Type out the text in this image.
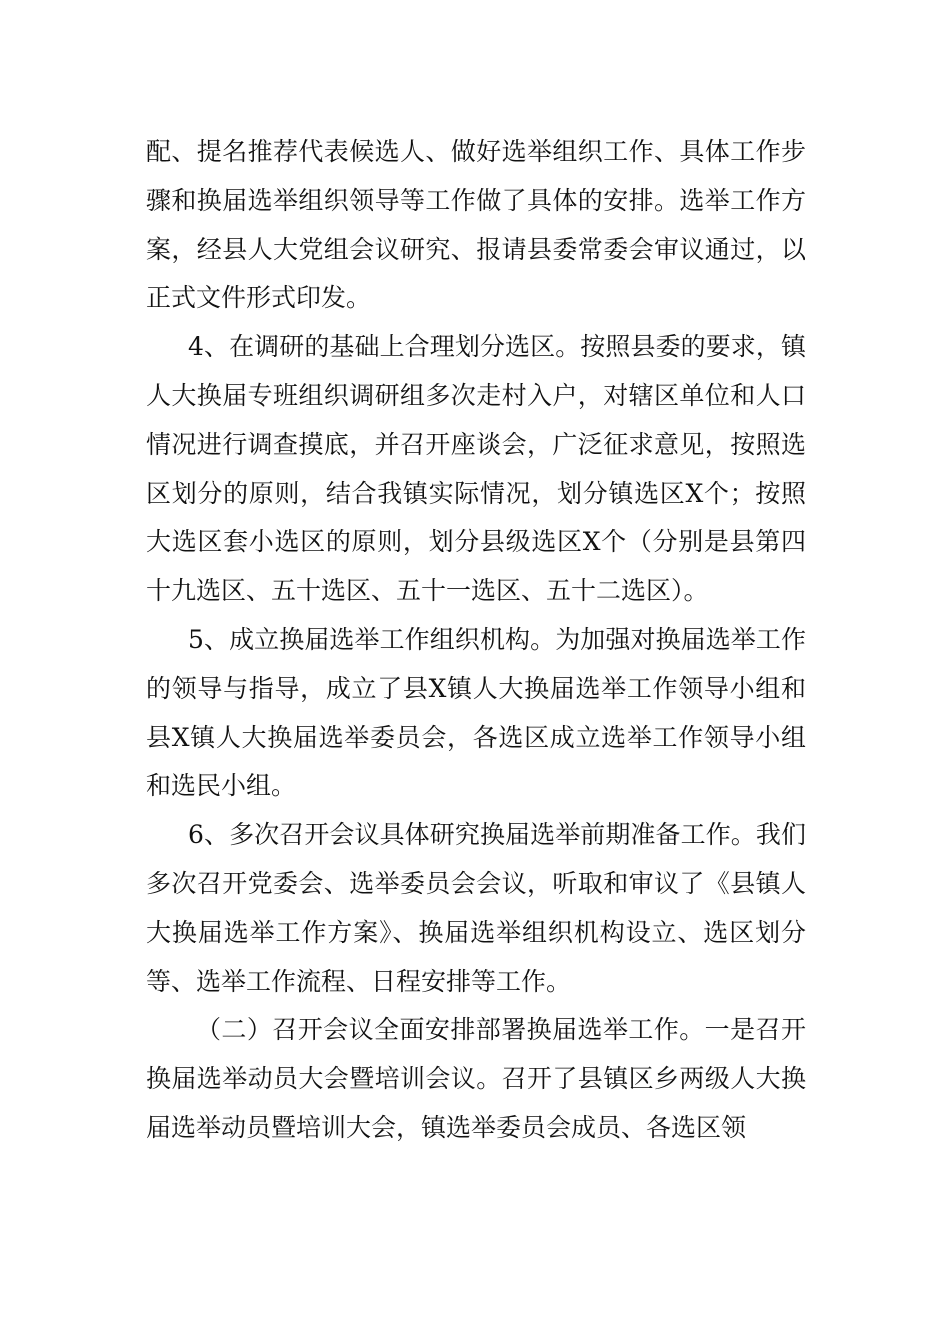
配、提名推荐代表候选人、做好选举组织工作、具体工作步骤和换届选举组织领导等工作做了具体的安排。选举工作方案，经县人大党组会议研究、报请县委常委会审议通过，以正式文件形式印发。

4、在调研的基础上合理划分选区。按照县委的要求，镇人大换届专班组织调研组多次走村入户，对辖区单位和人口情况进行调查摸底，并召开座谈会，广泛征求意见，按照选区划分的原则，结合我镇实际情况，划分镇选区X个；按照大选区套小选区的原则，划分县级选区X个（分别是县第四十九选区、五十选区、五十一选区、五十二选区）。

5、成立换届选举工作组织机构。为加强对换届选举工作的领导与指导，成立了县X镇人大换届选举工作领导小组和县X镇人大换届选举委员会，各选区成立选举工作领导小组和选民小组。

6、多次召开会议具体研究换届选举前期准备工作。我们多次召开党委会、选举委员会会议，听取和审议了《县镇人大换届选举工作方案》、换届选举组织机构设立、选区划分等、选举工作流程、日程安排等工作。

（二）召开会议全面安排部署换届选举工作。一是召开换届选举动员大会暨培训会议。召开了县镇区乡两级人大换届选举动员暨培训大会，镇选举委员会成员、各选区领
